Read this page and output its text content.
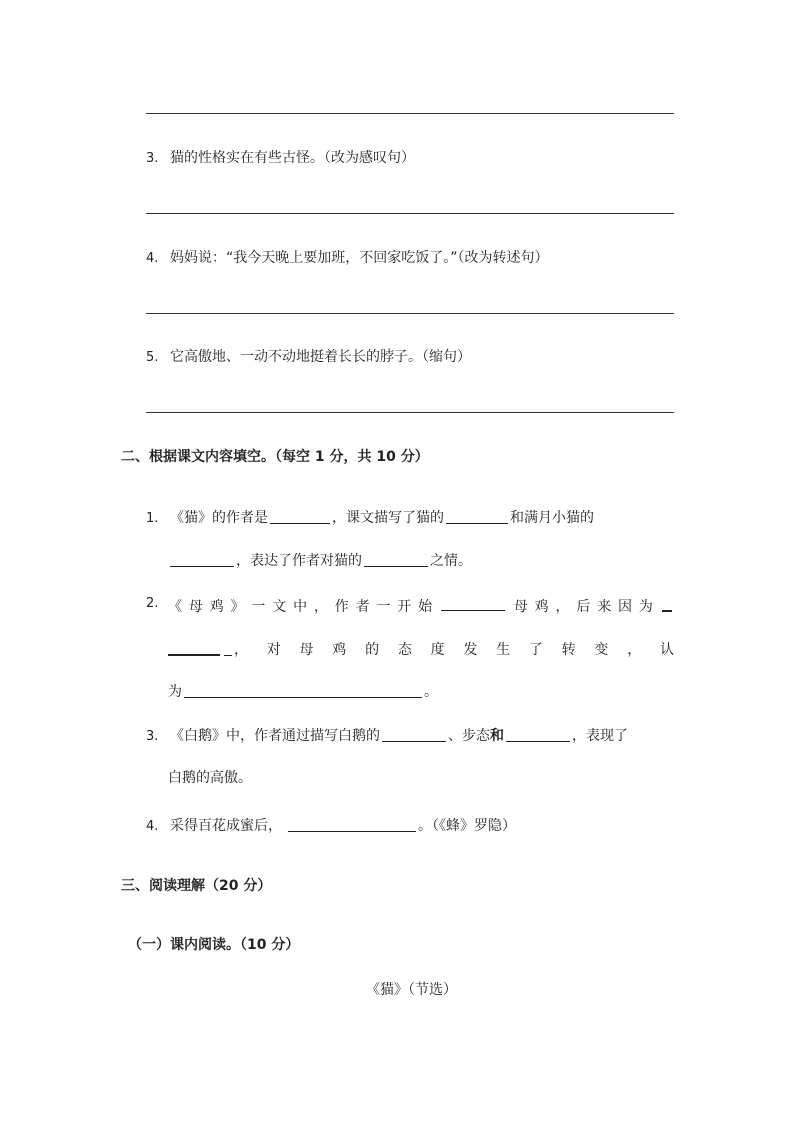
3. 猫的性格实在有些古怪。（改为感叹句）
4. 妈妈说：“我今天晚上要加班，不回家吃饭了。”（改为转述句）
5. 它高傲地、一动不动地挺着长长的脖子。（缩句）
二、根据课文内容填空。（每空 1 分，共 10 分）
1. 《猫》的作者是	，课文描写了猫的	和满月小猫的
，表达了作者对猫的	之情。
2. 《 母 鸡 》 一 文 中 ， 作 者 一 开 始	母 鸡 ， 后 来 因 为
， 对 母 鸡 的 态 度 发 生 了 转 变 ， 认
为	。
3. 《白鹅》中，作者通过描写白鹅的	、步态和	，表现了
白鹅的高傲。
4. 采得百花成蜜后，	。（《蜂》罗隐）
三、阅读理解（20 分）
（一）课内阅读。（10 分）
《猫》（节选）
